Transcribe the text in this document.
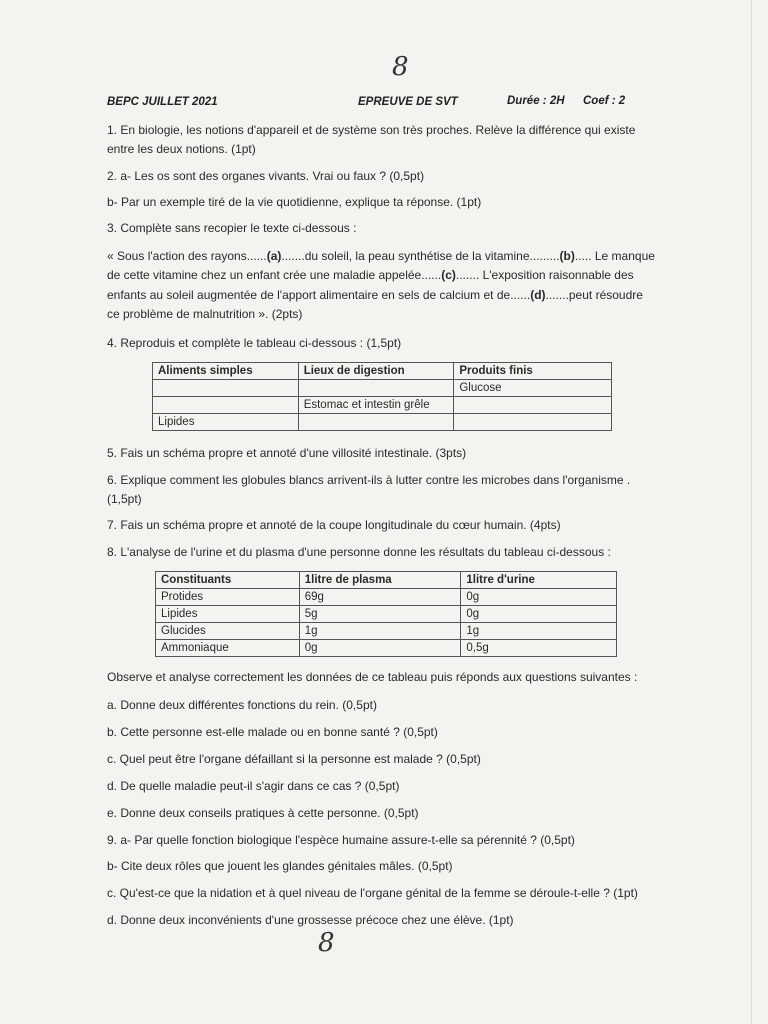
8
BEPC JUILLET 2021	EPREUVE DE SVT	Durée : 2H Coef : 2
1. En biologie, les notions d'appareil et de système son très proches. Relève la différence qui existe
entre les deux notions. (1pt)
2. a- Les os sont des organes vivants. Vrai ou faux ? (0,5pt)
b- Par un exemple tiré de la vie quotidienne, explique ta réponse. (1pt)
3. Complète sans recopier le texte ci-dessous :
« Sous l'action des rayons......(a).......du soleil, la peau synthétise de la vitamine.........(b)..... Le manque
de cette vitamine chez un enfant crée une maladie appelée......(c)....... L'exposition raisonnable des
enfants au soleil augmentée de l'apport alimentaire en sels de calcium et de......(d).......peut résoudre
ce problème de malnutrition ». (2pts)
4. Reproduis et complète le tableau ci-dessous : (1,5pt)
Aliments simples	Lieux de digestion	Produits finis
		Glucose
	Estomac et intestin grêle	
Lipides		
5. Fais un schéma propre et annoté d'une villosité intestinale. (3pts)
6. Explique comment les globules blancs arrivent-ils à lutter contre les microbes dans l'organisme .
(1,5pt)
7. Fais un schéma propre et annoté de la coupe longitudinale du cœur humain. (4pts)
8. L'analyse de l'urine et du plasma d'une personne donne les résultats du tableau ci-dessous :
Constituants	1litre de plasma	1litre d'urine
Protides	69g	0g
Lipides	5g	0g
Glucides	1g	1g
Ammoniaque	0g	0,5g
Observe et analyse correctement les données de ce tableau puis réponds aux questions suivantes :
a. Donne deux différentes fonctions du rein. (0,5pt)
b. Cette personne est-elle malade ou en bonne santé ? (0,5pt)
c. Quel peut être l'organe défaillant si la personne est malade ? (0,5pt)
d. De quelle maladie peut-il s'agir dans ce cas ? (0,5pt)
e. Donne deux conseils pratiques à cette personne. (0,5pt)
9. a- Par quelle fonction biologique l'espèce humaine assure-t-elle sa pérennité ? (0,5pt)
b- Cite deux rôles que jouent les glandes génitales mâles. (0,5pt)
c. Qu'est-ce que la nidation et à quel niveau de l'organe génital de la femme se déroule-t-elle ? (1pt)
d. Donne deux inconvénients d'une grossesse précoce chez une élève. (1pt)
8
